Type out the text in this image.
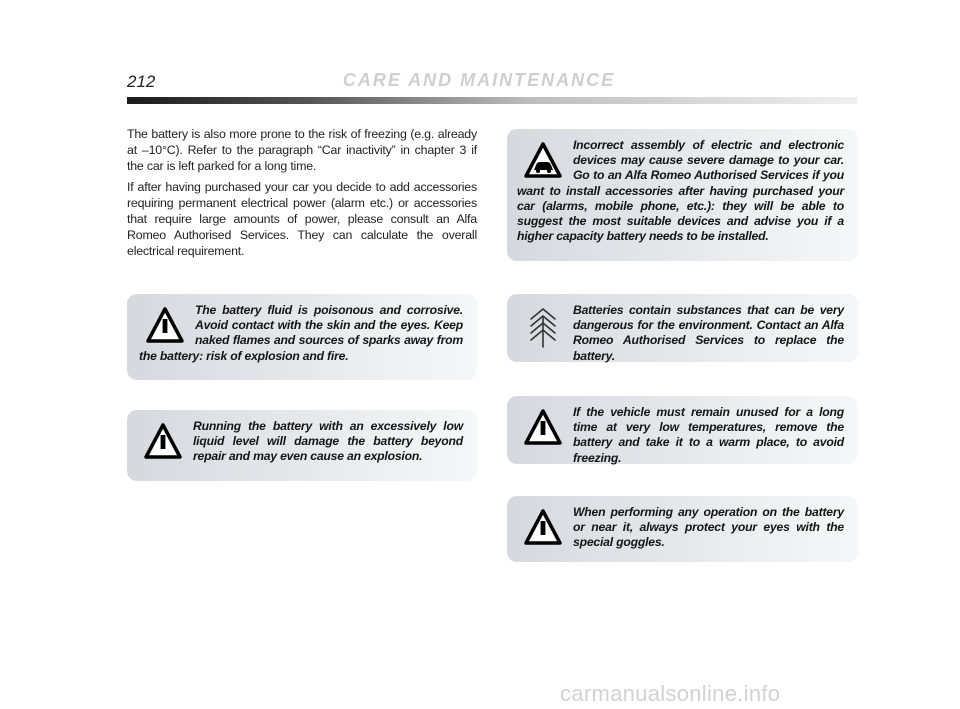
212	CARE AND MAINTENANCE

The battery is also more prone to the risk of freezing (e.g. already at –10°C). Refer to the paragraph “Car inactivity” in chapter 3 if the car is left parked for a long time.

If after having purchased your car you decide to add accessories requiring permanent electrical power (alarm etc.) or accessories that require large amounts of power, please consult an Alfa Romeo Authorised Services. They can calculate the overall electrical requirement.

The battery fluid is poisonous and corrosive. Avoid contact with the skin and the eyes. Keep naked flames and sources of sparks away from the battery: risk of explosion and fire.
Running the battery with an excessively low liquid level will damage the battery beyond repair and may even cause an explosion.
Incorrect assembly of electric and electronic devices may cause severe damage to your car. Go to an Alfa Romeo Authorised Services if you want to install accessories after having purchased your car (alarms, mobile phone, etc.): they will be able to suggest the most suitable devices and advise you if a higher capacity battery needs to be installed.
Batteries contain substances that can be very dangerous for the environment. Contact an Alfa Romeo Authorised Services to replace the battery.
If the vehicle must remain unused for a long time at very low temperatures, remove the battery and take it to a warm place, to avoid freezing.
When performing any operation on the battery or near it, always protect your eyes with the special goggles.
carmanualsonline.info
